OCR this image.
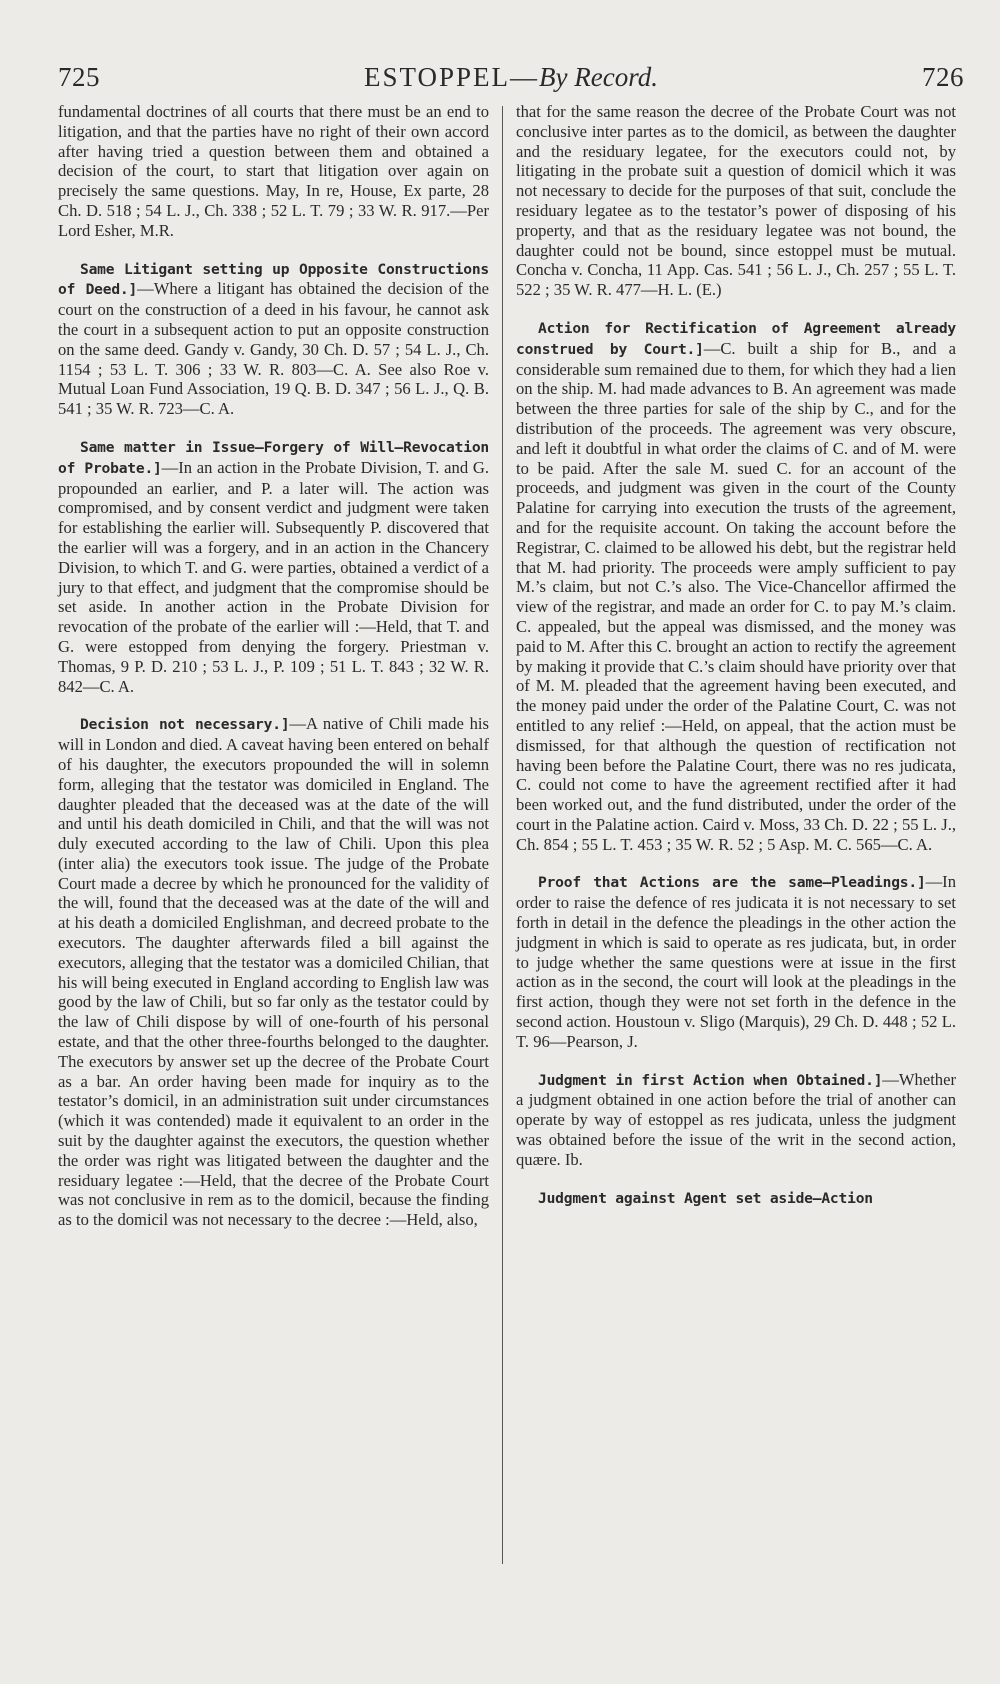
725	ESTOPPEL—By Record.	726

fundamental doctrines of all courts that there must be an end to litigation, and that the parties have no right of their own accord after having tried a question between them and obtained a decision of the court, to start that litigation over again on precisely the same questions. May, In re, House, Ex parte, 28 Ch. D. 518 ; 54 L. J., Ch. 338 ; 52 L. T. 79 ; 33 W. R. 917.—Per Lord Esher, M.R.

Same Litigant setting up Opposite Constructions of Deed.]—Where a litigant has obtained the decision of the court on the construction of a deed in his favour, he cannot ask the court in a subsequent action to put an opposite construction on the same deed. Gandy v. Gandy, 30 Ch. D. 57 ; 54 L. J., Ch. 1154 ; 53 L. T. 306 ; 33 W. R. 803—C. A. See also Roe v. Mutual Loan Fund Association, 19 Q. B. D. 347 ; 56 L. J., Q. B. 541 ; 35 W. R. 723—C. A.

Same matter in Issue—Forgery of Will—Revocation of Probate.]—In an action in the Probate Division, T. and G. propounded an earlier, and P. a later will. The action was compromised, and by consent verdict and judgment were taken for establishing the earlier will. Subsequently P. discovered that the earlier will was a forgery, and in an action in the Chancery Division, to which T. and G. were parties, obtained a verdict of a jury to that effect, and judgment that the compromise should be set aside. In another action in the Probate Division for revocation of the probate of the earlier will :—Held, that T. and G. were estopped from denying the forgery. Priestman v. Thomas, 9 P. D. 210 ; 53 L. J., P. 109 ; 51 L. T. 843 ; 32 W. R. 842—C. A.

Decision not necessary.]—A native of Chili made his will in London and died. A caveat having been entered on behalf of his daughter, the executors propounded the will in solemn form, alleging that the testator was domiciled in England. The daughter pleaded that the deceased was at the date of the will and until his death domiciled in Chili, and that the will was not duly executed according to the law of Chili. Upon this plea (inter alia) the executors took issue. The judge of the Probate Court made a decree by which he pronounced for the validity of the will, found that the deceased was at the date of the will and at his death a domiciled Englishman, and decreed probate to the executors. The daughter afterwards filed a bill against the executors, alleging that the testator was a domiciled Chilian, that his will being executed in England according to English law was good by the law of Chili, but so far only as the testator could by the law of Chili dispose by will of one-fourth of his personal estate, and that the other three-fourths belonged to the daughter. The executors by answer set up the decree of the Probate Court as a bar. An order having been made for inquiry as to the testator’s domicil, in an administration suit under circumstances (which it was contended) made it equivalent to an order in the suit by the daughter against the executors, the question whether the order was right was litigated between the daughter and the residuary legatee :—Held, that the decree of the Probate Court was not conclusive in rem as to the domicil, because the finding as to the domicil was not necessary to the decree :—Held, also,

that for the same reason the decree of the Probate Court was not conclusive inter partes as to the domicil, as between the daughter and the residuary legatee, for the executors could not, by litigating in the probate suit a question of domicil which it was not necessary to decide for the purposes of that suit, conclude the residuary legatee as to the testator’s power of disposing of his property, and that as the residuary legatee was not bound, the daughter could not be bound, since estoppel must be mutual. Concha v. Concha, 11 App. Cas. 541 ; 56 L. J., Ch. 257 ; 55 L. T. 522 ; 35 W. R. 477—H. L. (E.)

Action for Rectification of Agreement already construed by Court.]—C. built a ship for B., and a considerable sum remained due to them, for which they had a lien on the ship. M. had made advances to B. An agreement was made between the three parties for sale of the ship by C., and for the distribution of the proceeds. The agreement was very obscure, and left it doubtful in what order the claims of C. and of M. were to be paid. After the sale M. sued C. for an account of the proceeds, and judgment was given in the court of the County Palatine for carrying into execution the trusts of the agreement, and for the requisite account. On taking the account before the Registrar, C. claimed to be allowed his debt, but the registrar held that M. had priority. The proceeds were amply sufficient to pay M.’s claim, but not C.’s also. The Vice-Chancellor affirmed the view of the registrar, and made an order for C. to pay M.’s claim. C. appealed, but the appeal was dismissed, and the money was paid to M. After this C. brought an action to rectify the agreement by making it provide that C.’s claim should have priority over that of M. M. pleaded that the agreement having been executed, and the money paid under the order of the Palatine Court, C. was not entitled to any relief :—Held, on appeal, that the action must be dismissed, for that although the question of rectification not having been before the Palatine Court, there was no res judicata, C. could not come to have the agreement rectified after it had been worked out, and the fund distributed, under the order of the court in the Palatine action. Caird v. Moss, 33 Ch. D. 22 ; 55 L. J., Ch. 854 ; 55 L. T. 453 ; 35 W. R. 52 ; 5 Asp. M. C. 565—C. A.

Proof that Actions are the same—Pleadings.]—In order to raise the defence of res judicata it is not necessary to set forth in detail in the defence the pleadings in the other action the judgment in which is said to operate as res judicata, but, in order to judge whether the same questions were at issue in the first action as in the second, the court will look at the pleadings in the first action, though they were not set forth in the defence in the second action. Houstoun v. Sligo (Marquis), 29 Ch. D. 448 ; 52 L. T. 96—Pearson, J.

Judgment in first Action when Obtained.]—Whether a judgment obtained in one action before the trial of another can operate by way of estoppel as res judicata, unless the judgment was obtained before the issue of the writ in the second action, quære. Ib.

Judgment against Agent set aside—Action
